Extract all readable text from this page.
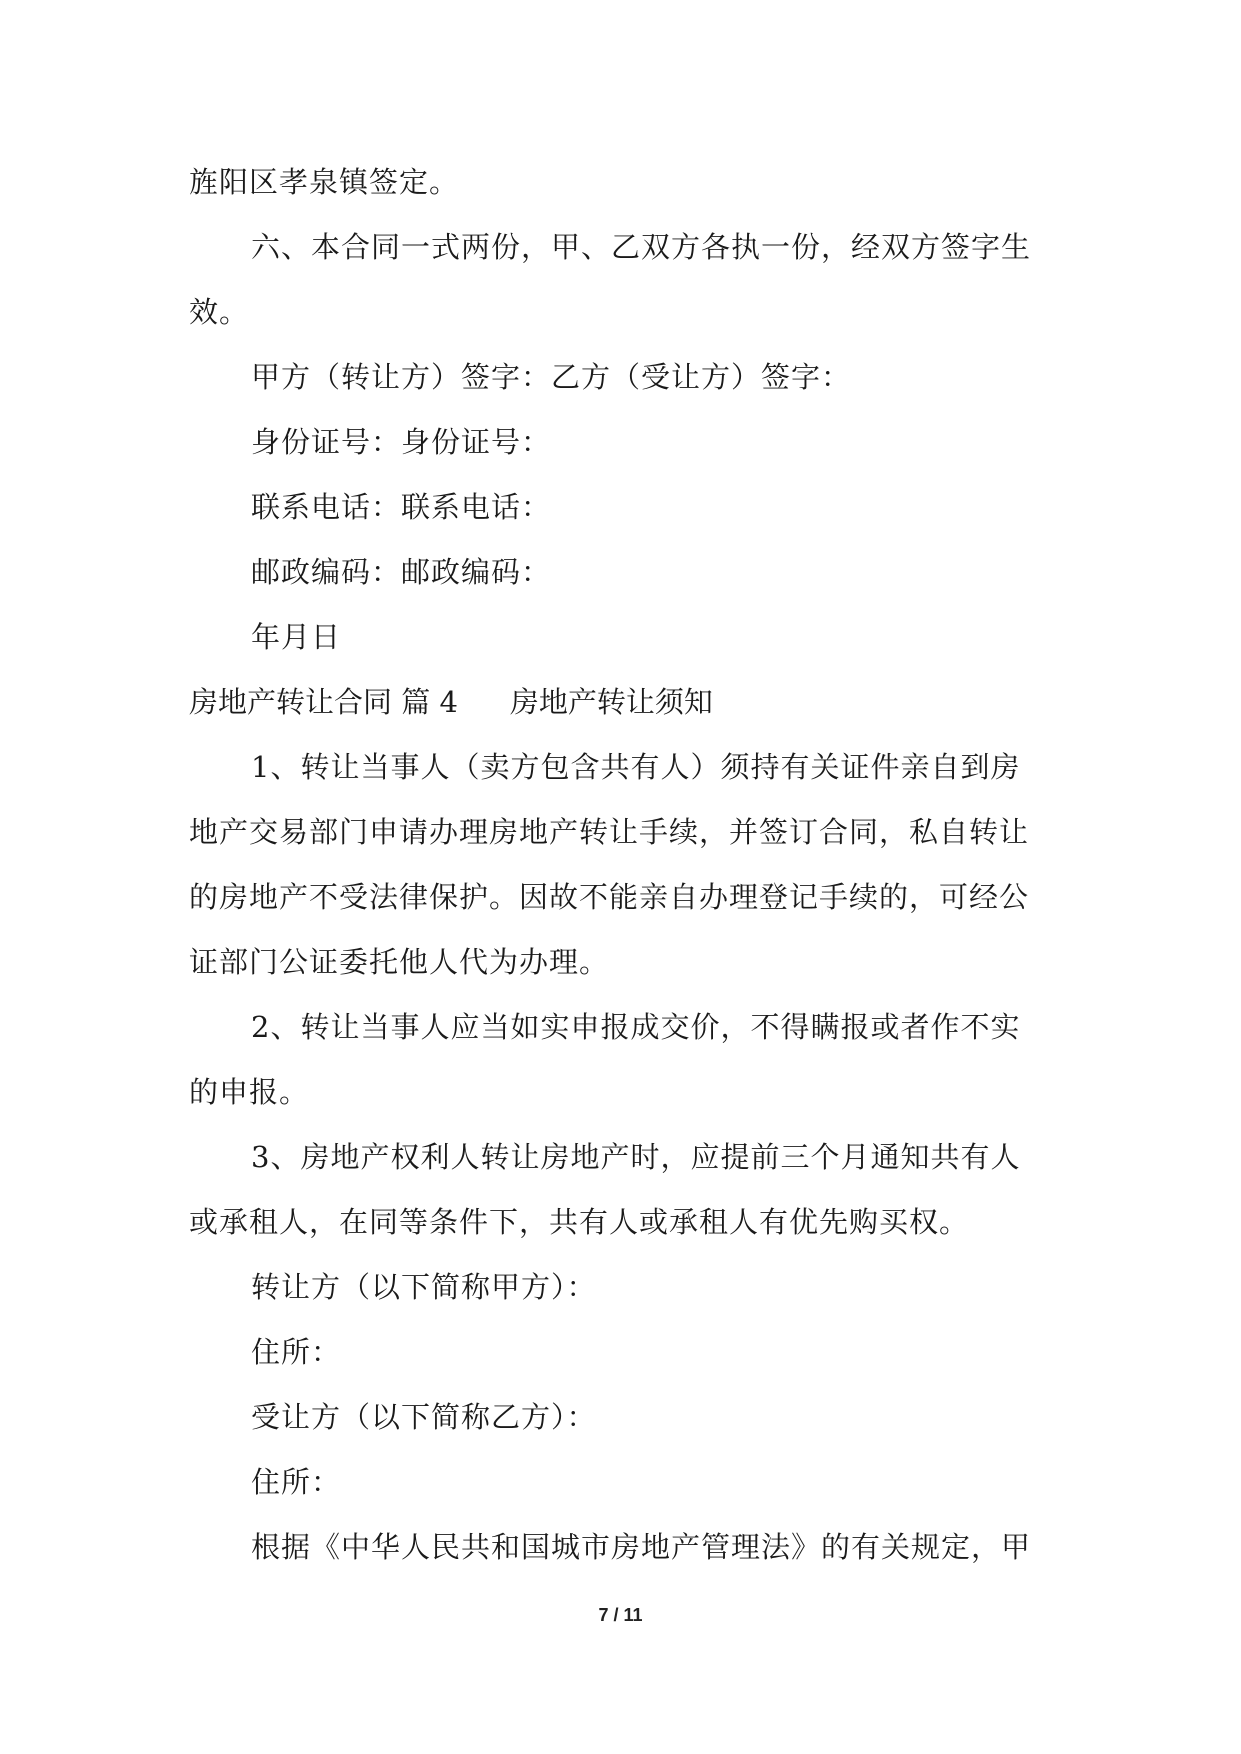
旌阳区孝泉镇签定。
六、本合同一式两份，甲、乙双方各执一份，经双方签字生
效。
甲方（转让方）签字：乙方（受让方）签字：
身份证号：身份证号：
联系电话：联系电话：
邮政编码：邮政编码：
年月日
房地产转让合同 篇 4 房地产转让须知
1、转让当事人（卖方包含共有人）须持有关证件亲自到房
地产交易部门申请办理房地产转让手续，并签订合同，私自转让
的房地产不受法律保护。因故不能亲自办理登记手续的，可经公
证部门公证委托他人代为办理。
2、转让当事人应当如实申报成交价，不得瞒报或者作不实
的申报。
3、房地产权利人转让房地产时，应提前三个月通知共有人
或承租人，在同等条件下，共有人或承租人有优先购买权。
转让方（以下简称甲方）：
住所：
受让方（以下简称乙方）：
住所：
根据《中华人民共和国城市房地产管理法》的有关规定，甲
7 / 11
